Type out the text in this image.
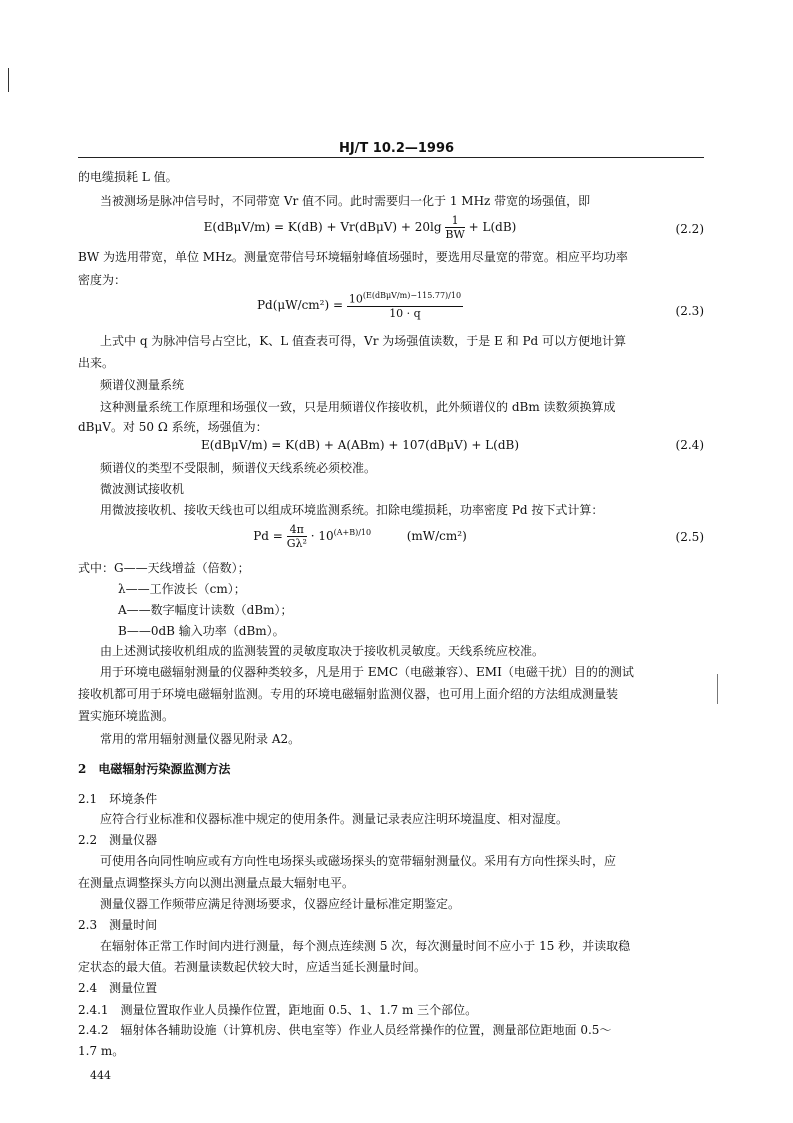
HJ/T 10.2—1996
的电缆损耗 L 值。
当被测场是脉冲信号时，不同带宽 Vr 值不同。此时需要归一化于 1 MHz 带宽的场强值，即
$E(dB\mu V/m) = K(dB) + Vr(dB\mu V) + 20\lg \frac{1}{BW} + L(dB)$	(2.2)
BW 为选用带宽，单位 MHz。测量宽带信号环境辐射峰值场强时，要选用尽量宽的带宽。相应平均功率
密度为：
$Pd(\mu W/cm^2) = \frac{10^{(E(dB\mu V/m)-115.77)/10}}{10 \cdot q}$	(2.3)
上式中 q 为脉冲信号占空比，K、L 值查表可得，Vr 为场强值读数，于是 E 和 Pd 可以方便地计算
出来。
频谱仪测量系统
这种测量系统工作原理和场强仪一致，只是用频谱仪作接收机，此外频谱仪的 dBm 读数须换算成
dBμV。对 50 Ω 系统，场强值为：
E(dBμV/m) = K(dB) + A(ABm) + 107(dBμV) + L(dB)	(2.4)
频谱仪的类型不受限制，频谱仪天线系统必须校准。
微波测试接收机
用微波接收机、接收天线也可以组成环境监测系统。扣除电缆损耗，功率密度 Pd 按下式计算：
$Pd = \frac{4\pi}{\text{Gλ²}} \cdot 10^{(A+B)/10}$	(mW/cm²)	(2.5)
式中：G——天线增益（倍数）；
λ——工作波长（cm）；
A——数字幅度计读数（dBm）；
B——0dB 输入功率（dBm）。
由上述测试接收机组成的监测装置的灵敏度取决于接收机灵敏度。天线系统应校准。
用于环境电磁辐射测量的仪器种类较多，凡是用于 EMC（电磁兼容）、EMI（电磁干扰）目的的测试
接收机都可用于环境电磁辐射监测。专用的环境电磁辐射监测仪器，也可用上面介绍的方法组成测量装
置实施环境监测。
常用的常用辐射测量仪器见附录 A2。
2　电磁辐射污染源监测方法
2.1　环境条件
应符合行业标准和仪器标准中规定的使用条件。测量记录表应注明环境温度、相对湿度。
2.2　测量仪器
可使用各向同性响应或有方向性电场探头或磁场探头的宽带辐射测量仪。采用有方向性探头时，应
在测量点调整探头方向以测出测量点最大辐射电平。
测量仪器工作频带应满足待测场要求，仪器应经计量标准定期鉴定。
2.3　测量时间
在辐射体正常工作时间内进行测量，每个测点连续测 5 次，每次测量时间不应小于 15 秒，并读取稳
定状态的最大值。若测量读数起伏较大时，应适当延长测量时间。
2.4　测量位置
2.4.1　测量位置取作业人员操作位置，距地面 0.5、1、1.7 m 三个部位。
2.4.2　辐射体各辅助设施（计算机房、供电室等）作业人员经常操作的位置，测量部位距地面 0.5～
1.7 m。
444
